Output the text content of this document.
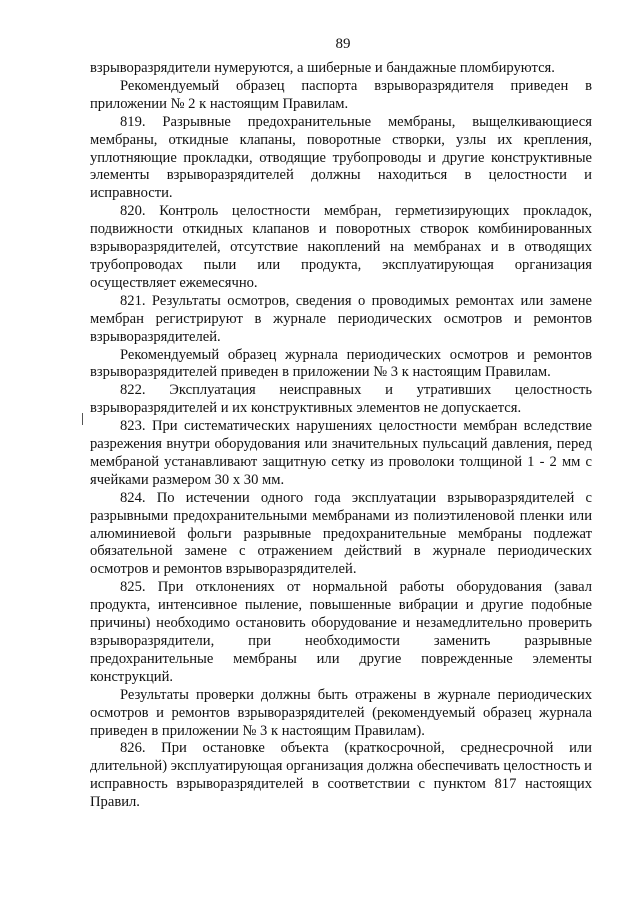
89

взрыворазрядители нумеруются, а шиберные и бандажные пломбируются.

Рекомендуемый образец паспорта взрыворазрядителя приведен в приложении № 2 к настоящим Правилам.

819. Разрывные предохранительные мембраны, выщелкивающиеся мембраны, откидные клапаны, поворотные створки, узлы их крепления, уплотняющие прокладки, отводящие трубопроводы и другие конструктивные элементы взрыворазрядителей должны находиться в целостности и исправности.

820. Контроль целостности мембран, герметизирующих прокладок, подвижности откидных клапанов и поворотных створок комбинированных взрыворазрядителей, отсутствие накоплений на мембранах и в отводящих трубопроводах пыли или продукта, эксплуатирующая организация осуществляет ежемесячно.

821. Результаты осмотров, сведения о проводимых ремонтах или замене мембран регистрируют в журнале периодических осмотров и ремонтов взрыворазрядителей.

Рекомендуемый образец журнала периодических осмотров и ремонтов взрыворазрядителей приведен в приложении № 3 к настоящим Правилам.

822. Эксплуатация неисправных и утративших целостность взрыворазрядителей и их конструктивных элементов не допускается.

823. При систематических нарушениях целостности мембран вследствие разрежения внутри оборудования или значительных пульсаций давления, перед мембраной устанавливают защитную сетку из проволоки толщиной 1 - 2 мм с ячейками размером 30 х 30 мм.

824. По истечении одного года эксплуатации взрыворазрядителей с разрывными предохранительными мембранами из полиэтиленовой пленки или алюминиевой фольги разрывные предохранительные мембраны подлежат обязательной замене с отражением действий в журнале периодических осмотров и ремонтов взрыворазрядителей.

825. При отклонениях от нормальной работы оборудования (завал продукта, интенсивное пыление, повышенные вибрации и другие подобные причины) необходимо остановить оборудование и незамедлительно проверить взрыворазрядители, при необходимости заменить разрывные предохранительные мембраны или другие поврежденные элементы конструкций.

Результаты проверки должны быть отражены в журнале периодических осмотров и ремонтов взрыворазрядителей (рекомендуемый образец журнала приведен в приложении № 3 к настоящим Правилам).

826. При остановке объекта (краткосрочной, среднесрочной или длительной) эксплуатирующая организация должна обеспечивать целостность и исправность взрыворазрядителей в соответствии с пунктом 817 настоящих Правил.
